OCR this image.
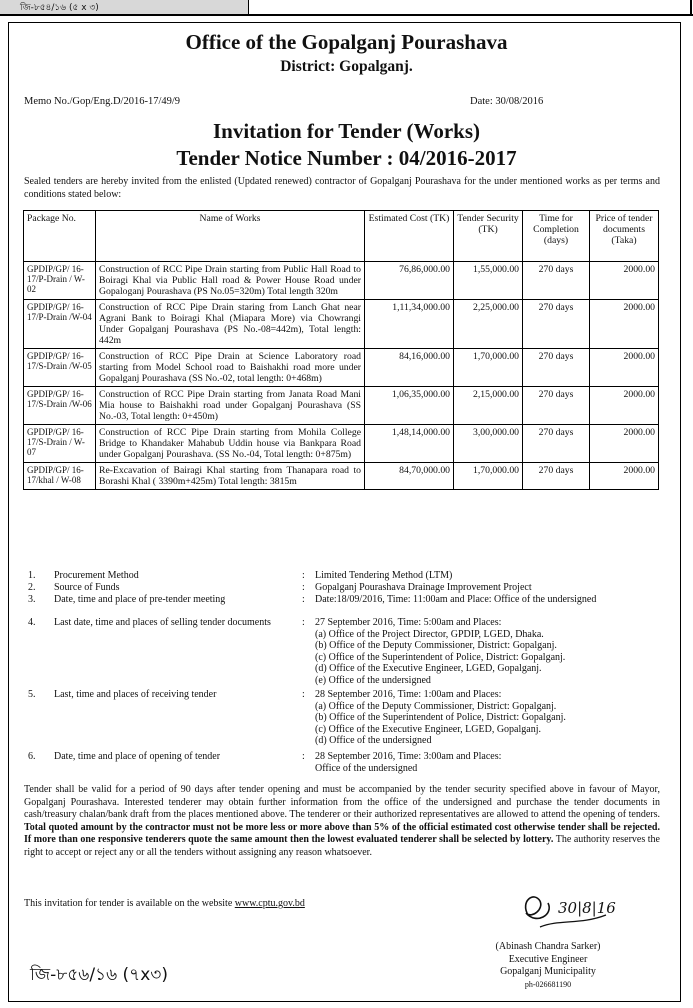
জি-৮৫৪/১৬ (৫ x ৩)
Office of the Gopalganj Pourashava
District: Gopalganj.
Memo No./Gop/Eng.D/2016-17/49/9	Date: 30/08/2016
Invitation for Tender (Works)
Tender Notice Number : 04/2016-2017
Sealed tenders are hereby invited from the enlisted (Updated renewed) contractor of Gopalganj Pourashava for the under mentioned works as per terms and conditions stated below:
Package No.	Name of Works	Estimated Cost (TK)	Tender Security (TK)	Time for Completion (days)	Price of tender documents (Taka)
GPDIP/GP/ 16-17/P-Drain / W-02	Construction of RCC Pipe Drain starting from Public Hall Road to Boiragi Khal via Public Hall road & Power House Road under Gopaloganj Pourashava (PS No.05=320m) Total length 320m	76,86,000.00	1,55,000.00	270 days	2000.00
GPDIP/GP/ 16-17/P-Drain /W-04	Construction of RCC Pipe Drain staring from Lanch Ghat near Agrani Bank to Boiragi Khal (Miapara More) via Chowrangi Under Gopalganj Pourashava (PS No.-08=442m), Total length: 442m	1,11,34,000.00	2,25,000.00	270 days	2000.00
GPDIP/GP/ 16-17/S-Drain /W-05	Construction of RCC Pipe Drain at Science Laboratory road starting from Model School road to Baishakhi road more under Gopalganj Pourashava (SS No.-02, total length: 0+468m)	84,16,000.00	1,70,000.00	270 days	2000.00
GPDIP/GP/ 16-17/S-Drain /W-06	Construction of RCC Pipe Drain starting from Janata Road Mani Mia house to Baishakhi road under Gopalganj Pourashava (SS No.-03, Total length: 0+450m)	1,06,35,000.00	2,15,000.00	270 days	2000.00
GPDIP/GP/ 16-17/S-Drain / W-07	Construction of RCC Pipe Drain starting from Mohila College Bridge to Khandaker Mahabub Uddin house via Bankpara Road under Gopalganj Pourashava. (SS No.-04, Total length: 0+875m)	1,48,14,000.00	3,00,000.00	270 days	2000.00
GPDIP/GP/ 16-17/khal / W-08	Re-Excavation of Bairagi Khal starting from Thanapara road to Borashi Khal ( 3390m+425m) Total length: 3815m	84,70,000.00	1,70,000.00	270 days	2000.00
1. Procurement Method	: Limited Tendering Method (LTM)
2. Source of Funds	: Gopalganj Pourashava Drainage Improvement Project
3. Date, time and place of pre-tender meeting	: Date:18/09/2016, Time: 11:00am and Place: Office of the undersigned
4. Last date, time and places of selling tender documents	: 27 September 2016, Time: 5:00am and Places:
(a) Office of the Project Director, GPDIP, LGED, Dhaka.
(b) Office of the Deputy Commissioner, District: Gopalganj.
(c) Office of the Superintendent of Police, District: Gopalganj.
(d) Office of the Executive Engineer, LGED, Gopalganj.
(e) Office of the undersigned
5. Last, time and places of receiving tender	: 28 September 2016, Time: 1:00am and Places:
(a) Office of the Deputy Commissioner, District: Gopalganj.
(b) Office of the Superintendent of Police, District: Gopalganj.
(c) Office of the Executive Engineer, LGED, Gopalganj.
(d) Office of the undersigned
6. Date, time and place of opening of tender	: 28 September 2016, Time: 3:00am and Places:
Office of the undersigned
Tender shall be valid for a period of 90 days after tender opening and must be accompanied by the tender security specified above in favour of Mayor, Gopalganj Pourashava. Interested tenderer may obtain further information from the office of the undersigned and purchase the tender documents in cash/treasury chalan/bank draft from the places mentioned above. The tenderer or their authorized representatives are allowed to attend the opening of tenders. Total quoted amount by the contractor must not be more less or more above than 5% of the official estimated cost otherwise tender shall be rejected. If more than one responsive tenderers quote the same amount then the lowest evaluated tenderer shall be selected by lottery. The authority reserves the right to accept or reject any or all the tenders without assigning any reason whatsoever.
This invitation for tender is available on the website www.cptu.gov.bd	30|8|16
(Abinash Chandra Sarker)
Executive Engineer
Gopalganj Municipality
ph-026681190
জি-৮৫৬/১৬ (৭x৩)
